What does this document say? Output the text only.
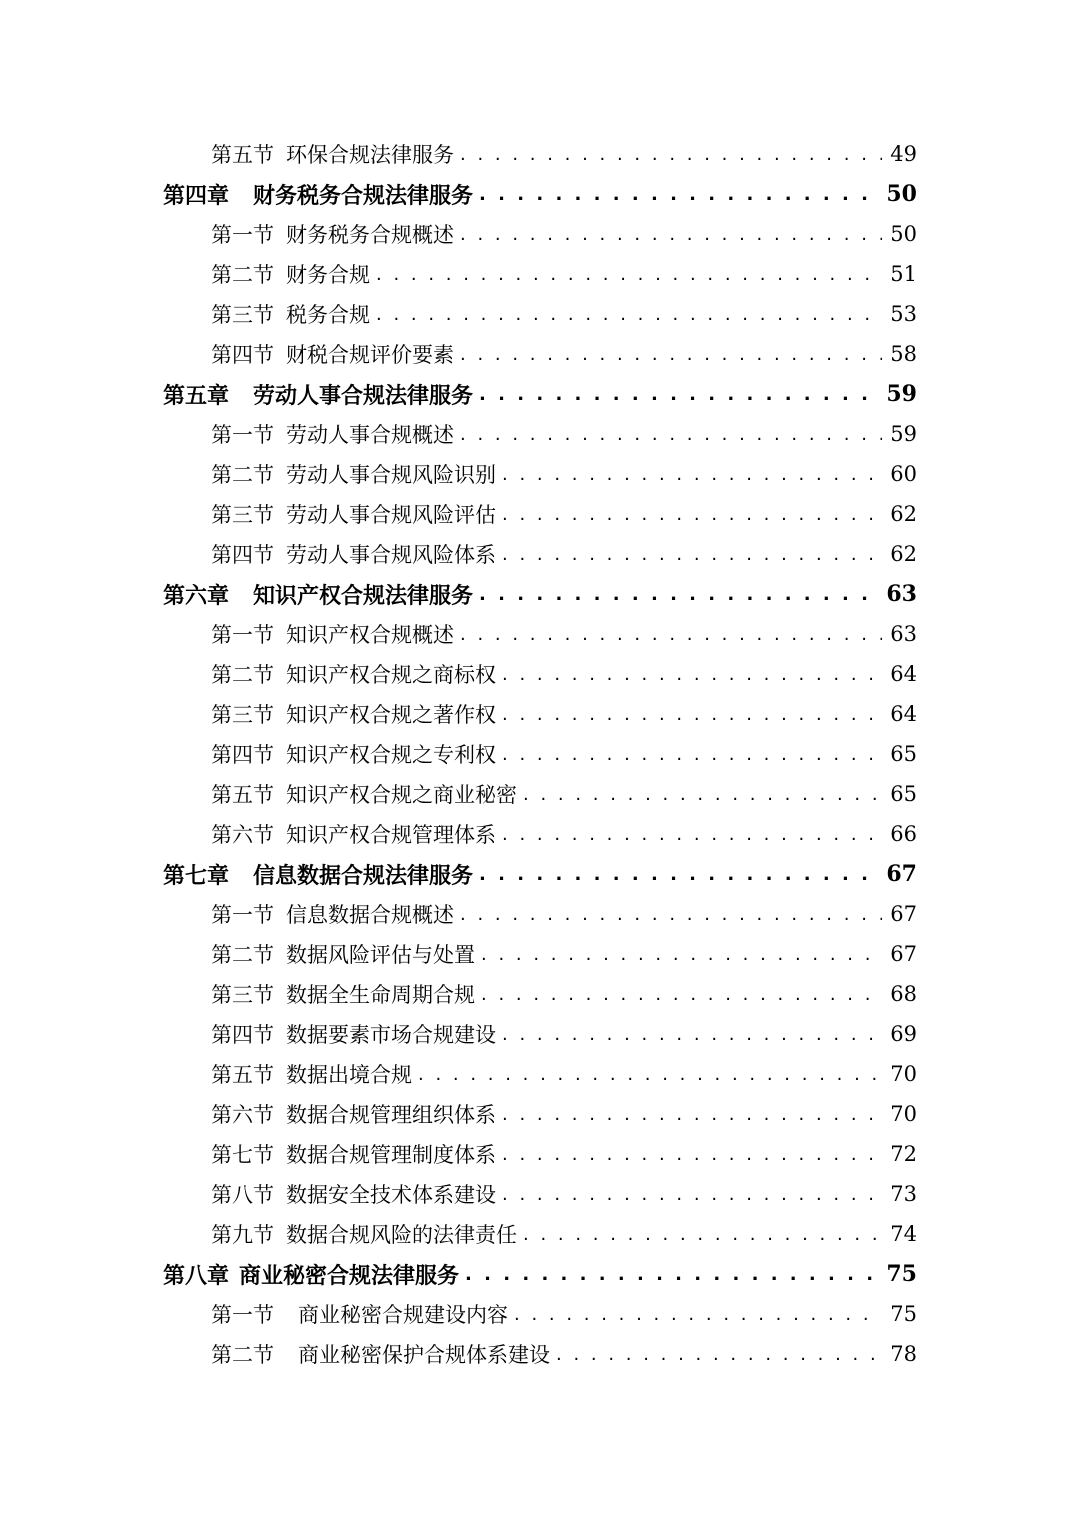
第五节 环保合规法律服务 . . .	49
第四章 财务税务合规法律服务 . . .	50
第一节 财务税务合规概述 . . .	50
第二节 财务合规 . . .	51
第三节 税务合规 . . .	53
第四节 财税合规评价要素 . . .	58
第五章 劳动人事合规法律服务 . . .	59
第一节 劳动人事合规概述 . . .	59
第二节 劳动人事合规风险识别 . . .	60
第三节 劳动人事合规风险评估 . . .	62
第四节 劳动人事合规风险体系 . . .	62
第六章 知识产权合规法律服务 . . .	63
第一节 知识产权合规概述 . . .	63
第二节 知识产权合规之商标权 . . .	64
第三节 知识产权合规之著作权 . . .	64
第四节 知识产权合规之专利权 . . .	65
第五节 知识产权合规之商业秘密 . . .	65
第六节 知识产权合规管理体系 . . .	66
第七章 信息数据合规法律服务 . . .	67
第一节 信息数据合规概述 . . .	67
第二节 数据风险评估与处置 . . .	67
第三节 数据全生命周期合规 . . .	68
第四节 数据要素市场合规建设 . . .	69
第五节 数据出境合规 . . .	70
第六节 数据合规管理组织体系 . . .	70
第七节 数据合规管理制度体系 . . .	72
第八节 数据安全技术体系建设 . . .	73
第九节 数据合规风险的法律责任 . . .	74
第八章 商业秘密合规法律服务 . . .	75
第一节 商业秘密合规建设内容 . . .	75
第二节 商业秘密保护合规体系建设 . . .	78
